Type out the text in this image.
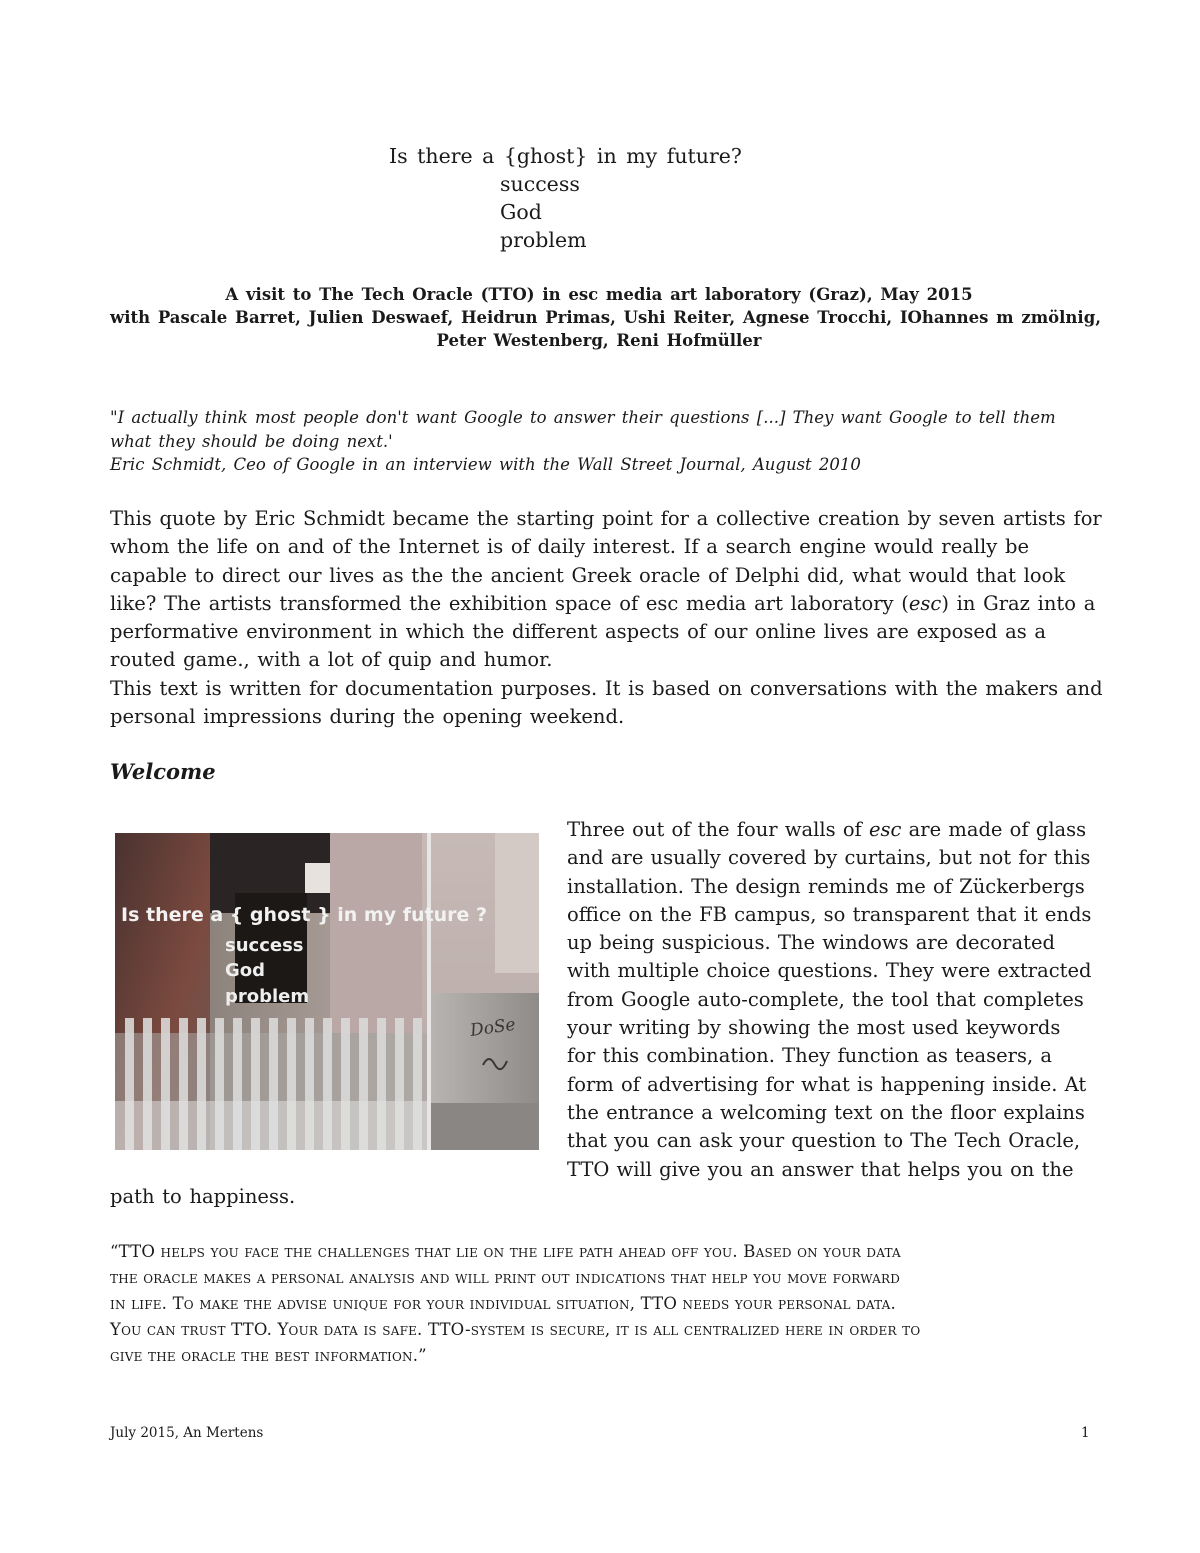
Is there a {ghost} in my future?
success
God
problem
A visit to The Tech Oracle (TTO) in esc media art laboratory (Graz), May 2015
with Pascale Barret, Julien Deswaef, Heidrun Primas, Ushi Reiter, Agnese Trocchi, IOhannes m zmölnig,
Peter Westenberg, Reni Hofmüller
"I actually think most people don't want Google to answer their questions [...] They want Google to tell them what they should be doing next.'
Eric Schmidt, Ceo of Google in an interview with the Wall Street Journal, August 2010
This quote by Eric Schmidt became the starting point for a collective creation by seven artists for
whom the life on and of the Internet is of daily interest. If a search engine would really be
capable to direct our lives as the the ancient Greek oracle of Delphi did, what would that look
like? The artists transformed the exhibition space of esc media art laboratory (esc) in Graz into a
performative environment in which the different aspects of our online lives are exposed as a
routed game., with a lot of quip and humor.
This text is written for documentation purposes. It is based on conversations with the makers and
personal impressions during the opening weekend.
Welcome
Is there a { ghost } in my future ?
success
God
problem
DoSe
Three out of the four walls of esc are made of glass
and are usually covered by curtains, but not for this
installation. The design reminds me of Zückerbergs
office on the FB campus, so transparent that it ends
up being suspicious. The windows are decorated
with multiple choice questions. They were extracted
from Google auto-complete, the tool that completes
your writing by showing the most used keywords
for this combination. They function as teasers, a
form of advertising for what is happening inside. At
the entrance a welcoming text on the floor explains
that you can ask your question to The Tech Oracle,
TTO will give you an answer that helps you on the
path to happiness.
“TTO helps you face the challenges that lie on the life path ahead off you. Based on your data
the oracle makes a personal analysis and will print out indications that help you move forward
in life. To make the advise unique for your individual situation, TTO needs your personal data.
You can trust TTO. Your data is safe. TTO-system is secure, it is all centralized here in order to
give the oracle the best information.”
July 2015, An Mertens	1
